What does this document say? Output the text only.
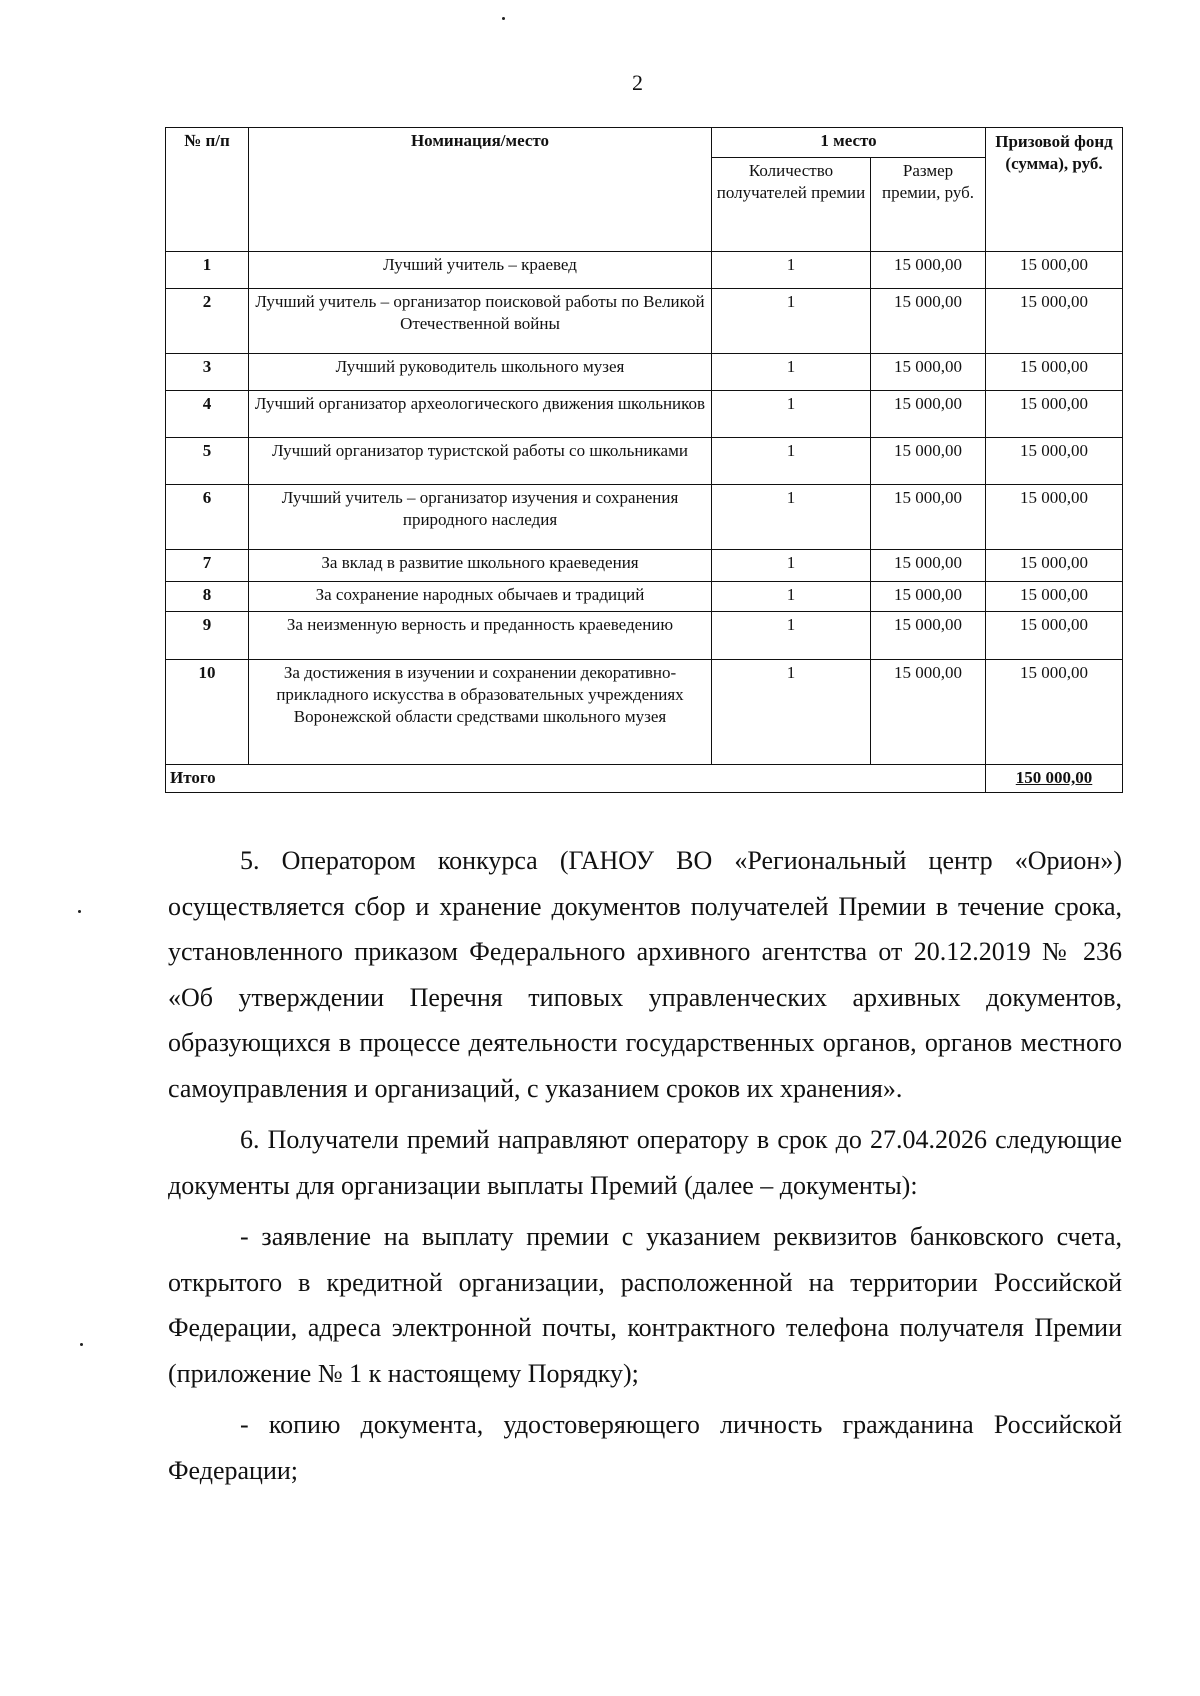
2
№ п/п	Номинация/место	1 место		Призовой фонд (сумма), руб.
		Количество получателей премии	Размер премии, руб.	
1	Лучший учитель – краевед	1	15 000,00	15 000,00
2	Лучший учитель – организатор поисковой работы по Великой Отечественной войны	1	15 000,00	15 000,00
3	Лучший руководитель школьного музея	1	15 000,00	15 000,00
4	Лучший организатор археологического движения школьников	1	15 000,00	15 000,00
5	Лучший организатор туристской работы со школьниками	1	15 000,00	15 000,00
6	Лучший учитель – организатор изучения и сохранения природного наследия	1	15 000,00	15 000,00
7	За вклад в развитие школьного краеведения	1	15 000,00	15 000,00
8	За сохранение народных обычаев и традиций	1	15 000,00	15 000,00
9	За неизменную верность и преданность краеведению	1	15 000,00	15 000,00
10	За достижения в изучении и сохранении декоративно-прикладного искусства в образовательных учреждениях Воронежской области средствами школьного музея	1	15 000,00	15 000,00
Итого				150 000,00

5. Оператором конкурса (ГАНОУ ВО «Региональный центр «Орион») осуществляется сбор и хранение документов получателей Премии в течение срока, установленного приказом Федерального архивного агентства от 20.12.2019 № 236 «Об утверждении Перечня типовых управленческих архивных документов, образующихся в процессе деятельности государственных органов, органов местного самоуправления и организаций, с указанием сроков их хранения».

6. Получатели премий направляют оператору в срок до 27.04.2026 следующие документы для организации выплаты Премий (далее – документы):

- заявление на выплату премии с указанием реквизитов банковского счета, открытого в кредитной организации, расположенной на территории Российской Федерации, адреса электронной почты, контрактного телефона получателя Премии (приложение № 1 к настоящему Порядку);

- копию документа, удостоверяющего личность гражданина Российской Федерации;
